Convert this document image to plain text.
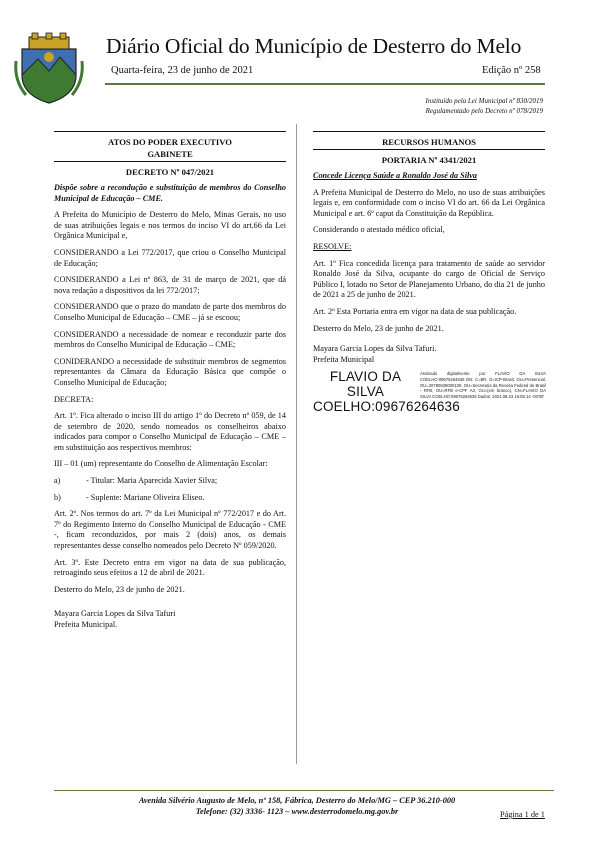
Diário Oficial do Município de Desterro do Melo
Quarta-feira, 23 de junho de 2021	Edição nº 258
Instituído pela Lei Municipal nº 830/2019
Regulamentado pelo Decreto nº 078/2019
ATOS DO PODER EXECUTIVO
GABINETE
DECRETO Nº 047/2021

Dispõe sobre a recondução e substituição de membros do Conselho Municipal de Educação – CME.

A Prefeita do Município de Desterro do Melo, Minas Gerais, no uso de suas atribuições legais e nos termos do inciso VI do art.66 da Lei Orgânica Municipal e,

CONSIDERANDO a Lei 772/2017, que criou o Conselho Municipal de Educação;

CONSIDERANDO a Lei nº 863, de 31 de março de 2021, que dá nova redação a dispositivos da lei 772/2017;

CONSIDERANDO que o prazo do mandato de parte dos membros do Conselho Municipal de Educação – CME – já se escoou;

CONSIDERANDO a necessidade de nomear e reconduzir parte dos membros do Conselho Municipal de Educação – CME;

CONIDERANDO a necessidade de substituir membros de segmentos representantes da Câmara da Educação Básica que compõe o Conselho Municipal de Educação;

DECRETA:

Art. 1º. Fica alterado o inciso III do artigo 1º do Decreto nº 059, de 14 de setembro de 2020, sendo nomeados os conselheiros abaixo indicados para compor o Conselho Municipal de Educação – CME – em substituição aos respectivos membros:

III – 01 (um) representante do Conselho de Alimentação Escolar:

a)	- Titular: Maria Aparecida Xavier Silva;
b)	- Suplente: Mariane Oliveira Eliseo.

Art. 2º. Nos termos do art. 7º da Lei Municipal nº 772/2017 e do Art. 7º do Regimento Interno do Conselho Municipal de Educação - CME -, ficam reconduzidos, por mais 2 (dois) anos, os demais representantes desse conselho nomeados pelo Decreto Nº 059/2020.

Art. 3º. Este Decreto entra em vigor na data de sua publicação, retroagindo seus efeitos a 12 de abril de 2021.

Desterro do Melo, 23 de junho de 2021.

Mayara Garcia Lopes da Silva Tafuri
Prefeita Municipal.
RECURSOS HUMANOS
PORTARIA Nº 4341/2021

Concede Licença Saúde a Ronaldo José da Silva

A Prefeita Municipal de Desterro do Melo, no uso de suas atribuições legais e, em conformidade com o inciso VI do art. 66 da Lei Orgânica Municipal e art. 6º caput da Constituição da República.

Considerando o atestado médico oficial,

RESOLVE:

Art. 1º Fica concedida licença para tratamento de saúde ao servidor Ronaldo José da Silva, ocupante do cargo de Oficial de Serviço Público I, lotado no Setor de Planejamento Urbano, do dia 21 de junho de 2021 a 25 de junho de 2021.

Art. 2º Esta Portaria entra em vigor na data de sua publicação.

Desterro do Melo, 23 de junho de 2021.

Mayara Garcia Lopes da Silva Tafuri.
Prefeita Municipal
FLAVIO DA SILVA COELHO:09676264636
Assinado digitalmente por FLAVIO DA SILVA COELHO:09676264636 DN: C=BR, O=ICP-Brasil, OU=Presencial, OU=20780828000130, OU=Secretaria da Receita Federal do Brasil - RFB, OU=RFB e-CPF A3, OU=(em branco), CN=FLAVIO DA SILVA COELHO:09676264636 Dados: 2021.06.23 16:55:14 -03'00'
Avenida Silvério Augusto de Melo, nº 158, Fábrica, Desterro do Melo/MG – CEP 36.210-000
Telefone: (32) 3336- 1123 – www.desterrodomelo.mg.gov.br	Página 1 de 1
